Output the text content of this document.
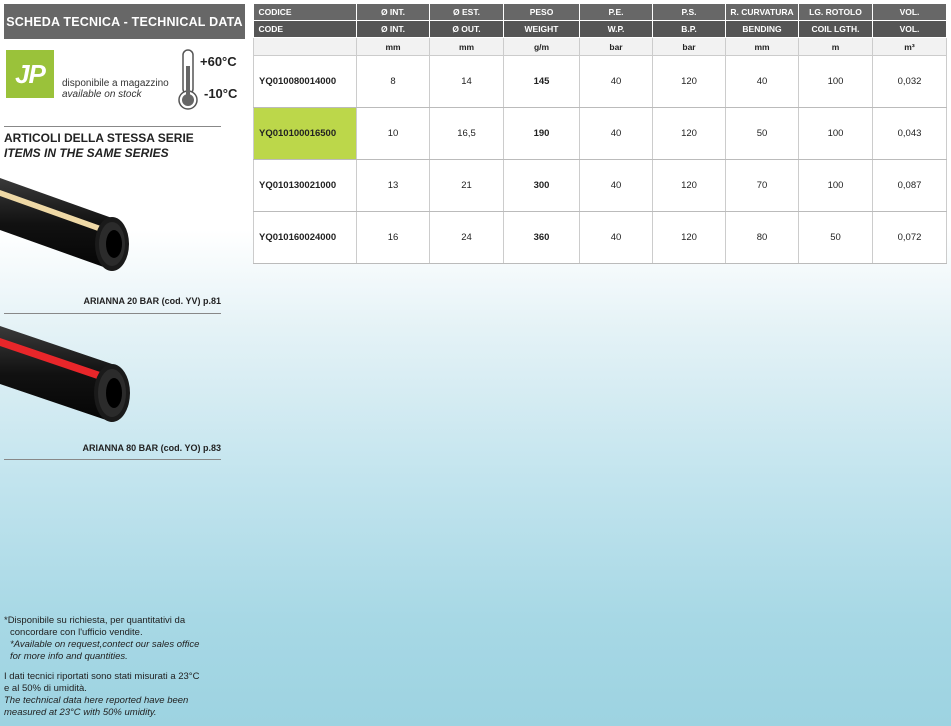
SCHEDA TECNICA - TECHNICAL DATA
JP	disponibile a magazzino
available on stock
+60°C
-10°C
ARTICOLI DELLA STESSA SERIE
ITEMS IN THE SAME SERIES
ARIANNA 20 BAR (cod. YV) p.81
ARIANNA 80 BAR (cod. YO) p.83
*Disponibile su richiesta, per quantitativi da
concordare con l'ufficio vendite.
*Available on request,contect our sales office
for more info and quantities.
I dati tecnici riportati sono stati misurati a 23°C
e al 50% di umidità.
The technical data here reported have been
measured at 23°C with 50% umidity.
CODICE	Ø INT.	Ø EST.	PESO	P.E.	P.S.	R. CURVATURA	LG. ROTOLO	VOL.
CODE	Ø INT.	Ø OUT.	WEIGHT	W.P.	B.P.	BENDING	COIL LGTH.	VOL.
	mm	mm	g/m	bar	bar	mm	m	m³
YQ010080014000	8	14	145	40	120	40	100	0,032
YQ010100016500	10	16,5	190	40	120	50	100	0,043
YQ010130021000	13	21	300	40	120	70	100	0,087
YQ010160024000	16	24	360	40	120	80	50	0,072
